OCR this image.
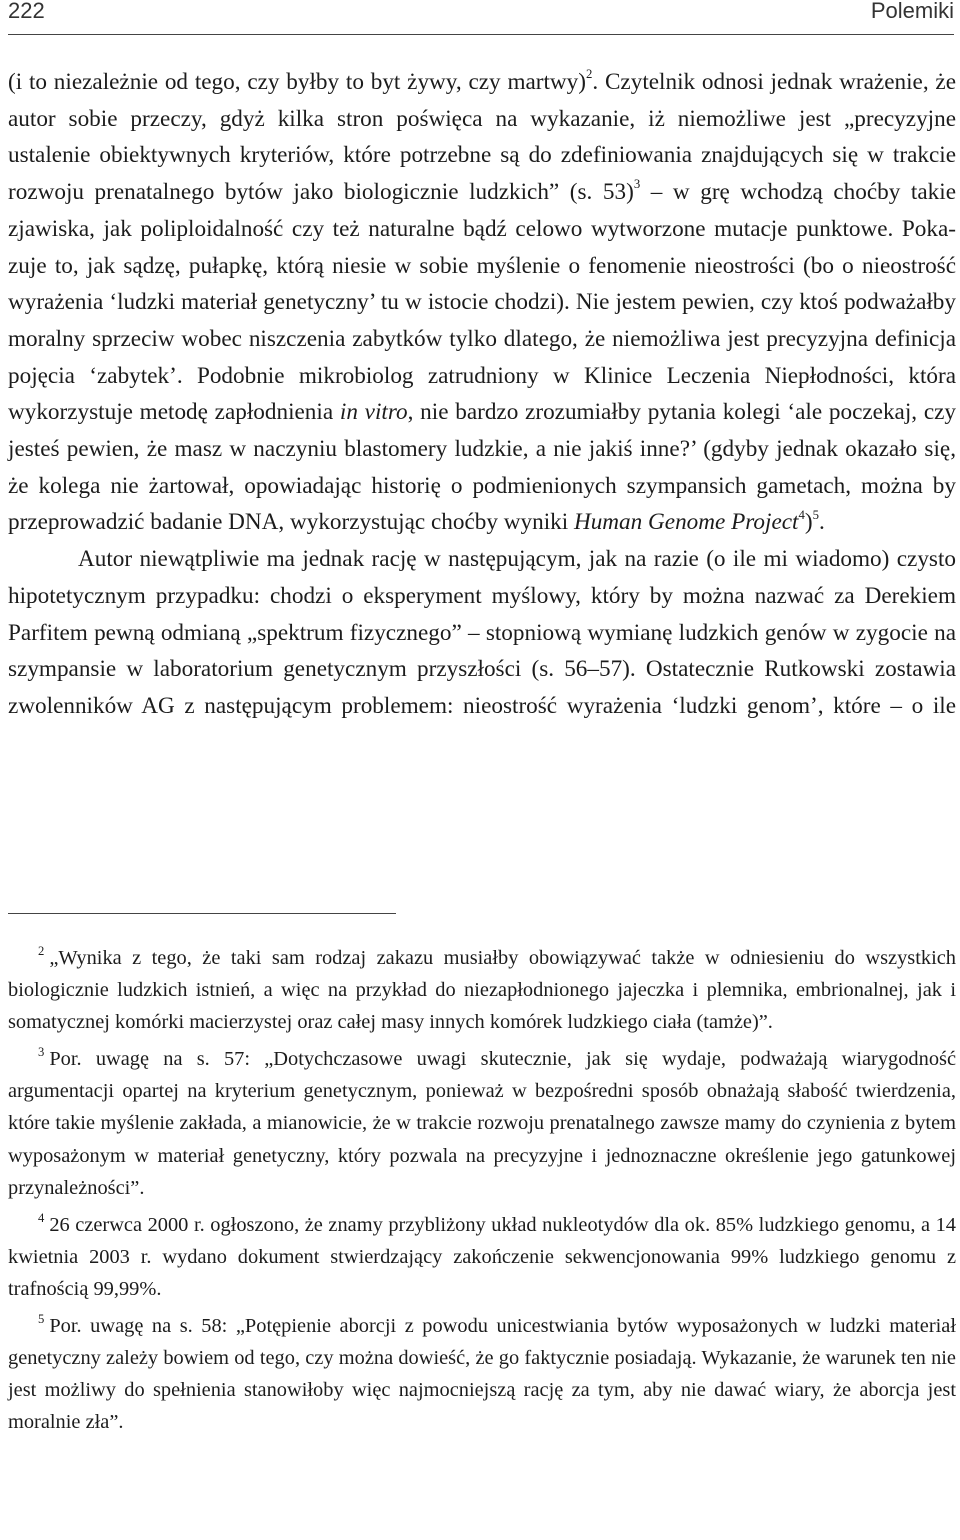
222	Polemiki

(i to niezależnie od tego, czy byłby to byt żywy, czy martwy)$^2$. Czytelnik odnosi jednak wrażenie, że autor sobie przeczy, gdyż kilka stron poświęca na wykazanie, iż niemożliwe jest „precyzyjne ustalenie obiektywnych kryteriów, które potrzebne są do zdefiniowania znajdujących się w trakcie rozwoju prenatalnego bytów jako biologicznie ludzkich” (s. 53)$^3$ – w grę wchodzą choćby takie zjawiska, jak poliploidalność czy też naturalne bądź celowo wytworzone mutacje punktowe. Pokazuje to, jak sądzę, pułapkę, którą niesie w sobie myślenie o fenomenie nieostrości (bo o nieostrość wyrażenia ‘ludzki materiał genetyczny’ tu w istocie chodzi). Nie jestem pewien, czy ktoś podważałby moralny sprzeciw wobec niszczenia zabytków tylko dlatego, że niemożliwa jest precyzyjna definicja pojęcia ‘zabytek’. Podobnie mikrobiolog zatrudniony w Klinice Leczenia Niepłodności, która wykorzystuje metodę zapłodnienia in vitro, nie bardzo zrozumiałby pytania kolegi ‘ale poczekaj, czy jesteś pewien, że masz w naczyniu blastomery ludzkie, a nie jakiś inne?’ (gdyby jednak okazało się, że kolega nie żartował, opowiadając historię o podmienionych szympansich gametach, można by przeprowadzić badanie DNA, wykorzystując choćby wyniki Human Genome Project$^4$)$^5$.

Autor niewątpliwie ma jednak rację w następującym, jak na razie (o ile mi wiadomo) czysto hipotetycznym przypadku: chodzi o eksperyment myślowy, który by można nazwać za Derekiem Parfitem pewną odmianą „spektrum fizycznego” – stopniową wymianę ludzkich genów w zygocie na szympansie w laboratorium genetycznym przyszłości (s. 56–57). Ostatecznie Rutkowski zostawia zwolenników AG z następującym problemem: nieostrość wyrażenia ‘ludzki genom’, które – o ile

$^2$ „Wynika z tego, że taki sam rodzaj zakazu musiałby obowiązywać także w odniesieniu do wszystkich biologicznie ludzkich istnień, a więc na przykład do niezapłodnionego jajeczka i plemnika, embrionalnej, jak i somatycznej komórki macierzystej oraz całej masy innych komórek ludzkiego ciała (tamże)”.

$^3$ Por. uwagę na s. 57: „Dotychczasowe uwagi skutecznie, jak się wydaje, podważają wiarygodność argumentacji opartej na kryterium genetycznym, ponieważ w bezpośredni sposób obnażają słabość twierdzenia, które takie myślenie zakłada, a mianowicie, że w trakcie rozwoju prenatalnego zawsze mamy do czynienia z bytem wyposażonym w materiał genetyczny, który pozwala na precyzyjne i jednoznaczne określenie jego gatunkowej przynależności”.

$^4$ 26 czerwca 2000 r. ogłoszono, że znamy przybliżony układ nukleotydów dla ok. 85% ludzkiego genomu, a 14 kwietnia 2003 r. wydano dokument stwierdzający zakończenie sekwencjonowania 99% ludzkiego genomu z trafnością 99,99%.

$^5$ Por. uwagę na s. 58: „Potępienie aborcji z powodu unicestwiania bytów wyposażonych w ludzki materiał genetyczny zależy bowiem od tego, czy można dowieść, że go faktycznie posiadają. Wykazanie, że warunek ten nie jest możliwy do spełnienia stanowiłoby więc najmocniejszą rację za tym, aby nie dawać wiary, że aborcja jest moralnie zła”.
